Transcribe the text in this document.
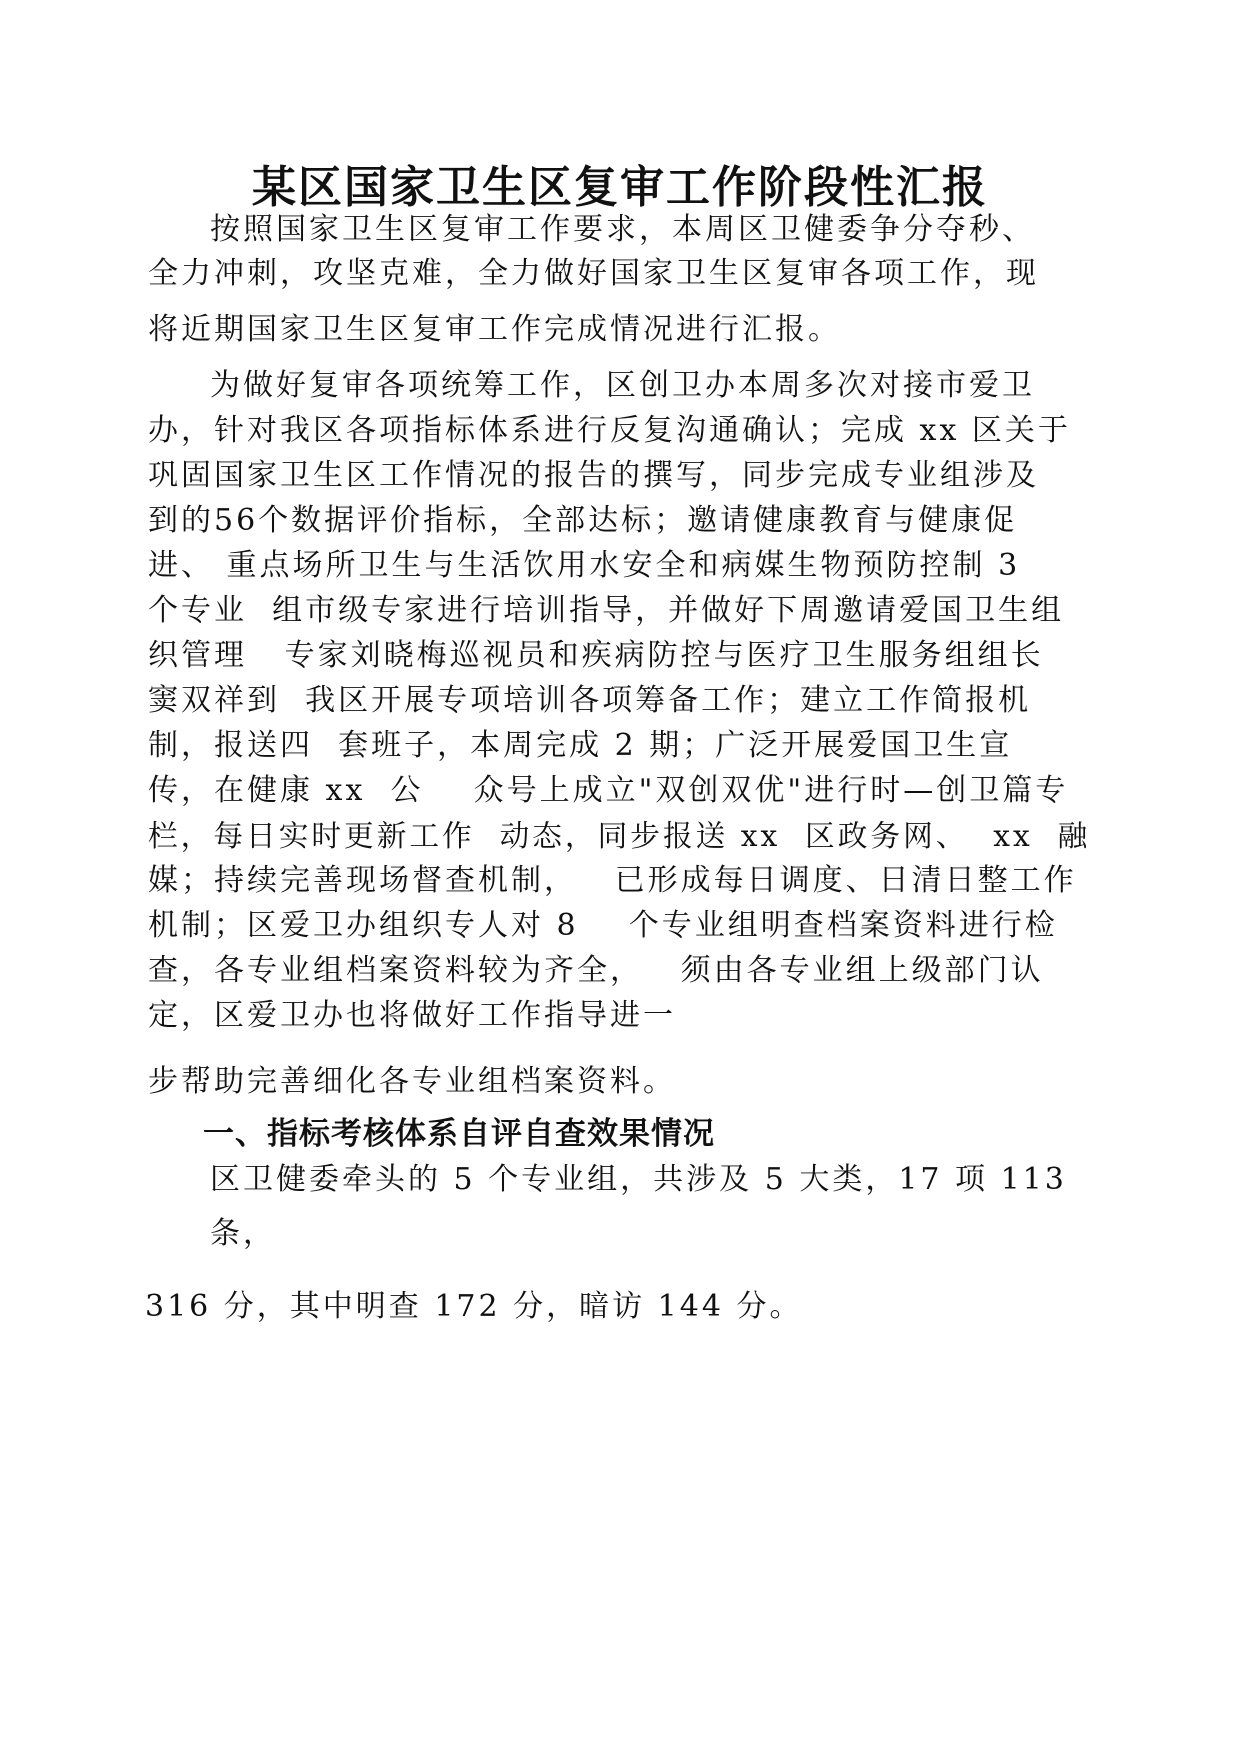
某区国家卫生区复审工作阶段性汇报
按照国家卫生区复审工作要求，本周区卫健委争分夺秒、
全力冲刺，攻坚克难，全力做好国家卫生区复审各项工作，现
将近期国家卫生区复审工作完成情况进行汇报。
为做好复审各项统筹工作，区创卫办本周多次对接市爱卫
办，针对我区各项指标体系进行反复沟通确认；完成 xx 区关于
巩固国家卫生区工作情况的报告的撰写，同步完成专业组涉及
到的56个数据评价指标，全部达标；邀请健康教育与健康促
进、 重点场所卫生与生活饮用水安全和病媒生物预防控制 3
个专业  组市级专家进行培训指导，并做好下周邀请爱国卫生组
织管理   专家刘晓梅巡视员和疾病防控与医疗卫生服务组组长
窦双祥到  我区开展专项培训各项筹备工作；建立工作简报机
制，报送四  套班子，本周完成 2 期；广泛开展爱国卫生宣
传，在健康 xx  公    众号上成立"双创双优"进行时—创卫篇专
栏，每日实时更新工作  动态，同步报送 xx  区政务网、  xx  融
媒；持续完善现场督查机制，   已形成每日调度、日清日整工作
机制；区爱卫办组织专人对 8    个专业组明查档案资料进行检
查，各专业组档案资料较为齐全，   须由各专业组上级部门认
定，区爱卫办也将做好工作指导进一
步帮助完善细化各专业组档案资料。
一、指标考核体系自评自查效果情况
区卫健委牵头的 5 个专业组，共涉及 5 大类，17 项 113
条，
316 分，其中明查 172 分，暗访 144 分。
